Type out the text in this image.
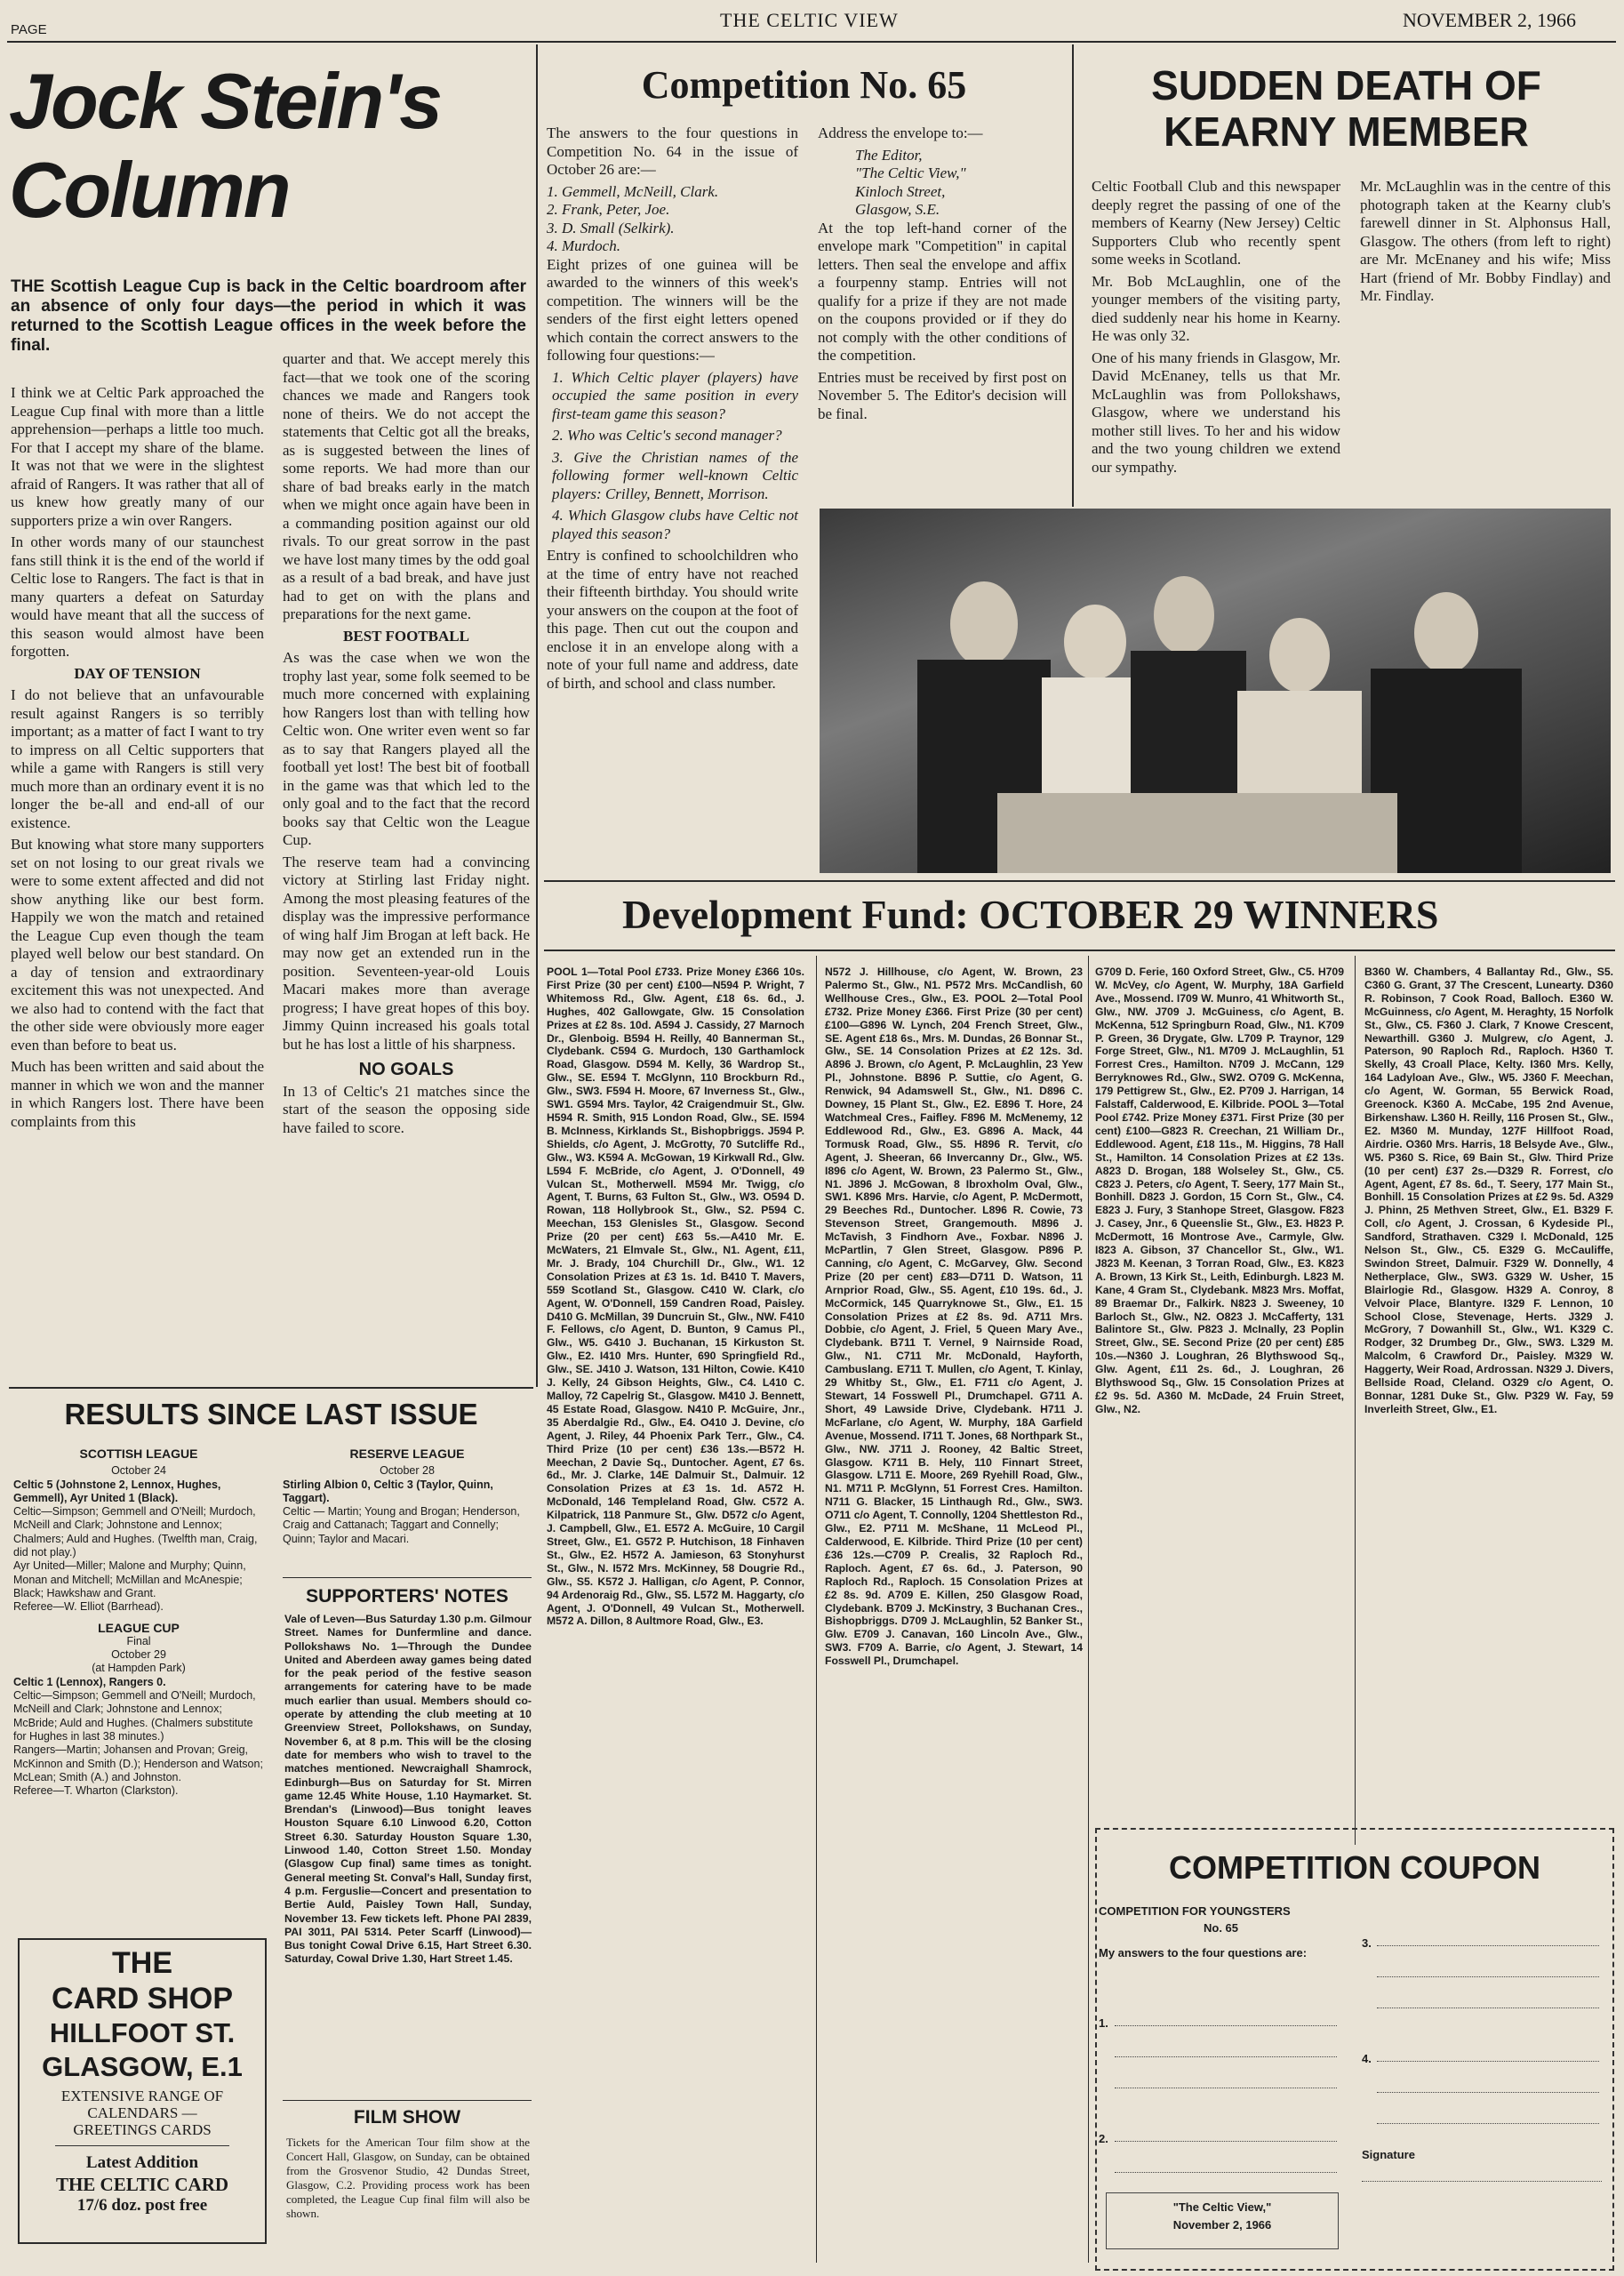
PAGE	THE CELTIC VIEW	NOVEMBER 2, 1966
Jock Stein's Column
THE Scottish League Cup is back in the Celtic boardroom after an absence of only four days—the period in which it was returned to the Scottish League offices in the week before the final.

I think we at Celtic Park approached the League Cup final with more than a little apprehension—perhaps a little too much. For that I accept my share of the blame. It was not that we were in the slightest afraid of Rangers. It was rather that all of us knew how greatly many of our supporters prize a win over Rangers.

In other words many of our staunchest fans still think it is the end of the world if Celtic lose to Rangers. The fact is that in many quarters a defeat on Saturday would have meant that all the success of this season would almost have been forgotten.

DAY OF TENSION

I do not believe that an unfavourable result against Rangers is so terribly important; as a matter of fact I want to try to impress on all Celtic supporters that while a game with Rangers is still very much more than an ordinary event it is no longer the be-all and end-all of our existence.

But knowing what store many supporters set on not losing to our great rivals we were to some extent affected and did not show anything like our best form. Happily we won the match and retained the League Cup even though the team played well below our best standard. On a day of tension and extraordinary excitement this was not unexpected. And we also had to contend with the fact that the other side were obviously more eager even than before to beat us.

Much has been written and said about the manner in which we won and the manner in which Rangers lost. There have been complaints from this

quarter and that. We accept merely this fact—that we took one of the scoring chances we made and Rangers took none of theirs. We do not accept the statements that Celtic got all the breaks, as is suggested between the lines of some reports. We had more than our share of bad breaks early in the match when we might once again have been in a commanding position against our old rivals. To our great sorrow in the past we have lost many times by the odd goal as a result of a bad break, and have just had to get on with the plans and preparations for the next game.

BEST FOOTBALL

As was the case when we won the trophy last year, some folk seemed to be much more concerned with explaining how Rangers lost than with telling how Celtic won. One writer even went so far as to say that Rangers played all the football yet lost! The best bit of football in the game was that which led to the only goal and to the fact that the record books say that Celtic won the League Cup.

The reserve team had a convincing victory at Stirling last Friday night. Among the most pleasing features of the display was the impressive performance of wing half Jim Brogan at left back. He may now get an extended run in the position. Seventeen-year-old Louis Macari makes more than average progress; I have great hopes of this boy. Jimmy Quinn increased his goals total but he has lost a little of his sharpness.

NO GOALS

In 13 of Celtic's 21 matches since the start of the season the opposing side have failed to score.

Competition No. 65

The answers to the four questions in Competition No. 64 in the issue of October 26 are:—

1. Gemmell, McNeill, Clark.
2. Frank, Peter, Joe.
3. D. Small (Selkirk).
4. Murdoch.

Eight prizes of one guinea will be awarded to the winners of this week's competition. The winners will be the senders of the first eight letters opened which contain the correct answers to the following four questions:—

1. Which Celtic player (players) have occupied the same position in every first-team game this season?

2. Who was Celtic's second manager?

3. Give the Christian names of the following former well-known Celtic players: Crilley, Bennett, Morrison.

4. Which Glasgow clubs have Celtic not played this season?

Entry is confined to schoolchildren who at the time of entry have not reached their fifteenth birthday. You should write your answers on the coupon at the foot of this page. Then cut out the coupon and enclose it in an envelope along with a note of your full name and address, date of birth, and school and class number.

Address the envelope to:—

The Editor,
"The Celtic View,"
Kinloch Street,
Glasgow, S.E.

At the top left-hand corner of the envelope mark "Competition" in capital letters. Then seal the envelope and affix a fourpenny stamp. Entries will not qualify for a prize if they are not made on the coupons provided or if they do not comply with the other conditions of the competition.

Entries must be received by first post on November 5. The Editor's decision will be final.

SUDDEN DEATH OF KEARNY MEMBER

Celtic Football Club and this newspaper deeply regret the passing of one of the members of Kearny (New Jersey) Celtic Supporters Club who recently spent some weeks in Scotland.

Mr. Bob McLaughlin, one of the younger members of the visiting party, died suddenly near his home in Kearny. He was only 32.

One of his many friends in Glasgow, Mr. David McEnaney, tells us that Mr. McLaughlin was from Pollokshaws, Glasgow, where we understand his mother still lives. To her and his widow and the two young children we extend our sympathy.

Mr. McLaughlin was in the centre of this photograph taken at the Kearny club's farewell dinner in St. Alphonsus Hall, Glasgow. The others (from left to right) are Mr. McEnaney and his wife; Miss Hart (friend of Mr. Bobby Findlay) and Mr. Findlay.

Development Fund: OCTOBER 29 WINNERS
POOL 1—Total Pool £733. Prize Money £366 10s. First Prize (30 per cent) £100—N594 P. Wright, 7 Whitemoss Rd., Glw. Agent, £18 6s. 6d., J. Hughes, 402 Gallowgate, Glw. 15 Consolation Prizes at £2 8s. 10d. A594 J. Cassidy, 27 Marnoch Dr., Glenboig. B594 H. Reilly, 40 Bannerman St., Clydebank. C594 G. Murdoch, 130 Garthamlock Road, Glasgow. D594 M. Kelly, 36 Wardrop St., Glw., SE. E594 T. McGlynn, 110 Brockburn Rd., Glw., SW3. F594 H. Moore, 67 Inverness St., Glw., SW1. G594 Mrs. Taylor, 42 Craigendmuir St., Glw. H594 R. Smith, 915 London Road, Glw., SE. I594 B. McInness, Kirklands St., Bishopbriggs. J594 P. Shields, c/o Agent, J. McGrotty, 70 Sutcliffe Rd., Glw., W3. K594 A. McGowan, 19 Kirkwall Rd., Glw. L594 F. McBride, c/o Agent, J. O'Donnell, 49 Vulcan St., Motherwell. M594 Mr. Twigg, c/o Agent, T. Burns, 63 Fulton St., Glw., W3. O594 D. Rowan, 118 Hollybrook St., Glw., S2. P594 C. Meechan, 153 Glenisles St., Glasgow. Second Prize (20 per cent) £63 5s.—A410 Mr. E. McWaters, 21 Elmvale St., Glw., N1. Agent, £11, Mr. J. Brady, 104 Churchill Dr., Glw., W1. 12 Consolation Prizes at £3 1s. 1d. B410 T. Mavers, 559 Scotland St., Glasgow. C410 W. Clark, c/o Agent, W. O'Donnell, 159 Candren Road, Paisley. D410 G. McMillan, 39 Duncruin St., Glw., NW. F410 F. Fellows, c/o Agent, D. Bunton, 9 Camus Pl., Glw., W5. G410 J. Buchanan, 15 Kirkuston St. Glw., E2. I410 Mrs. Hunter, 690 Springfield Rd., Glw., SE. J410 J. Watson, 131 Hilton, Cowie. K410 J. Kelly, 24 Gibson Heights, Glw., C4. L410 C. Malloy, 72 Capelrig St., Glasgow. M410 J. Bennett, 45 Estate Road, Glasgow. N410 P. McGuire, Jnr., 35 Aberdalgie Rd., Glw., E4. O410 J. Devine, c/o Agent, J. Riley, 44 Phoenix Park Terr., Glw., C4. Third Prize (10 per cent) £36 13s.—B572 H. Meechan, 2 Davie Sq., Duntocher. Agent, £7 6s. 6d., Mr. J. Clarke, 14E Dalmuir St., Dalmuir. 12 Consolation Prizes at £3 1s. 1d. A572 H. McDonald, 146 Templeland Road, Glw. C572 A. Kilpatrick, 118 Panmure St., Glw. D572 c/o Agent, J. Campbell, Glw., E1. E572 A. McGuire, 10 Cargil Street, Glw., E1. G572 P. Hutchison, 18 Finhaven St., Glw., E2. H572 A. Jamieson, 63 Stonyhurst St., Glw., N. I572 Mrs. McKinney, 58 Dougrie Rd., Glw., S5. K572 J. Halligan, c/o Agent, P. Connor, 94 Ardenoraig Rd., Glw., S5. L572 M. Haggarty, c/o Agent, J. O'Donnell, 49 Vulcan St., Motherwell. M572 A. Dillon, 8 Aultmore Road, Glw., E3.
N572 J. Hillhouse, c/o Agent, W. Brown, 23 Palermo St., Glw., N1. P572 Mrs. McCandlish, 60 Wellhouse Cres., Glw., E3. POOL 2—Total Pool £732. Prize Money £366. First Prize (30 per cent) £100—G896 W. Lynch, 204 French Street, Glw., SE. Agent £18 6s., Mrs. M. Dundas, 26 Bonnar St., Glw., SE. 14 Consolation Prizes at £2 12s. 3d. A896 J. Brown, c/o Agent, P. McLaughlin, 23 Yew Pl., Johnstone. B896 P. Suttie, c/o Agent, G. Renwick, 94 Adamswell St., Glw., N1. D896 C. Downey, 15 Plant St., Glw., E2. E896 T. Hore, 24 Watchmeal Cres., Faifley. F896 M. McMenemy, 12 Eddlewood Rd., Glw., E3. G896 A. Mack, 44 Tormusk Road, Glw., S5. H896 R. Tervit, c/o Agent, J. Sheeran, 66 Invercanny Dr., Glw., W5. I896 c/o Agent, W. Brown, 23 Palermo St., Glw., N1. J896 J. McGowan, 8 Ibroxholm Oval, Glw., SW1. K896 Mrs. Harvie, c/o Agent, P. McDermott, 29 Beeches Rd., Duntocher. L896 R. Cowie, 73 Stevenson Street, Grangemouth. M896 J. McTavish, 3 Findhorn Ave., Foxbar. N896 J. McPartlin, 7 Glen Street, Glasgow. P896 P. Canning, c/o Agent, C. McGarvey, Glw. Second Prize (20 per cent) £83—D711 D. Watson, 11 Arnprior Road, Glw., S5. Agent, £10 19s. 6d., J. McCormick, 145 Quarryknowe St., Glw., E1. 15 Consolation Prizes at £2 8s. 9d. A711 Mrs. Dobbie, c/o Agent, J. Friel, 5 Queen Mary Ave., Clydebank. B711 T. Vernel, 9 Nairnside Road, Glw., N1. C711 Mr. McDonald, Hayforth, Cambuslang. E711 T. Mullen, c/o Agent, T. Kinlay, 29 Whitby St., Glw., E1. F711 c/o Agent, J. Stewart, 14 Fosswell Pl., Drumchapel. G711 A. Short, 49 Lawside Drive, Clydebank. H711 J. McFarlane, c/o Agent, W. Murphy, 18A Garfield Avenue, Mossend. I711 T. Jones, 68 Northpark St., Glw., NW. J711 J. Rooney, 42 Baltic Street, Glasgow. K711 B. Hely, 110 Finnart Street, Glasgow. L711 E. Moore, 269 Ryehill Road, Glw., N1. M711 P. McGlynn, 51 Forrest Cres. Hamilton. N711 G. Blacker, 15 Linthaugh Rd., Glw., SW3. O711 c/o Agent, T. Connolly, 1204 Shettleston Rd., Glw., E2. P711 M. McShane, 11 McLeod Pl., Calderwood, E. Kilbride. Third Prize (10 per cent) £36 12s.—C709 P. Crealis, 32 Raploch Rd., Raploch. Agent, £7 6s. 6d., J. Paterson, 90 Raploch Rd., Raploch. 15 Consolation Prizes at £2 8s. 9d. A709 E. Killen, 250 Glasgow Road, Clydebank. B709 J. McKinstry, 3 Buchanan Cres., Bishopbriggs. D709 J. McLaughlin, 52 Banker St., Glw. E709 J. Canavan, 160 Lincoln Ave., Glw., SW3. F709 A. Barrie, c/o Agent, J. Stewart, 14 Fosswell Pl., Drumchapel.
G709 D. Ferie, 160 Oxford Street, Glw., C5. H709 W. McVey, c/o Agent, W. Murphy, 18A Garfield Ave., Mossend. I709 W. Munro, 41 Whitworth St., Glw., NW. J709 J. McGuiness, c/o Agent, B. McKenna, 512 Springburn Road, Glw., N1. K709 P. Green, 36 Drygate, Glw. L709 P. Traynor, 129 Forge Street, Glw., N1. M709 J. McLaughlin, 51 Forrest Cres., Hamilton. N709 J. McCann, 129 Berryknowes Rd., Glw., SW2. O709 G. McKenna, 179 Pettigrew St., Glw., E2. P709 J. Harrigan, 14 Falstaff, Calderwood, E. Kilbride. POOL 3—Total Pool £742. Prize Money £371. First Prize (30 per cent) £100—G823 R. Creechan, 21 William Dr., Eddlewood. Agent, £18 11s., M. Higgins, 78 Hall St., Hamilton. 14 Consolation Prizes at £2 13s. A823 D. Brogan, 188 Wolseley St., Glw., C5. C823 J. Peters, c/o Agent, T. Seery, 177 Main St., Bonhill. D823 J. Gordon, 15 Corn St., Glw., C4. E823 J. Fury, 3 Stanhope Street, Glasgow. F823 J. Casey, Jnr., 6 Queenslie St., Glw., E3. H823 P. McDermott, 16 Montrose Ave., Carmyle, Glw. I823 A. Gibson, 37 Chancellor St., Glw., W1. J823 M. Keenan, 3 Torran Road, Glw., E3. K823 A. Brown, 13 Kirk St., Leith, Edinburgh. L823 M. Kane, 4 Gram St., Clydebank. M823 Mrs. Moffat, 89 Braemar Dr., Falkirk. N823 J. Sweeney, 10 Barloch St., Glw., N2. O823 J. McCafferty, 131 Balintore St., Glw. P823 J. McInally, 23 Poplin Street, Glw., SE. Second Prize (20 per cent) £85 10s.—N360 J. Loughran, 26 Blythswood Sq., Glw. Agent, £11 2s. 6d., J. Loughran, 26 Blythswood Sq., Glw. 15 Consolation Prizes at £2 9s. 5d. A360 M. McDade, 24 Fruin Street, Glw., N2.
B360 W. Chambers, 4 Ballantay Rd., Glw., S5. C360 G. Grant, 37 The Crescent, Lunearty. D360 R. Robinson, 7 Cook Road, Balloch. E360 W. McGuinness, c/o Agent, M. Heraghty, 15 Norfolk St., Glw., C5. F360 J. Clark, 7 Knowe Crescent, Newarthill. G360 J. Mulgrew, c/o Agent, J. Paterson, 90 Raploch Rd., Raploch. H360 T. Skelly, 43 Croall Place, Kelty. I360 Mrs. Kelly, 164 Ladyloan Ave., Glw., W5. J360 F. Meechan, c/o Agent, W. Gorman, 55 Berwick Road, Greenock. K360 A. McCabe, 195 2nd Avenue, Birkenshaw. L360 H. Reilly, 116 Prosen St., Glw., E2. M360 M. Munday, 127F Hillfoot Road, Airdrie. O360 Mrs. Harris, 18 Belsyde Ave., Glw., W5. P360 S. Rice, 69 Bain St., Glw. Third Prize (10 per cent) £37 2s.—D329 R. Forrest, c/o Agent, Agent, £7 8s. 6d., T. Seery, 177 Main St., Bonhill. 15 Consolation Prizes at £2 9s. 5d. A329 J. Phinn, 25 Methven Street, Glw., E1. B329 F. Coll, c/o Agent, J. Crossan, 6 Kydeside Pl., Sandford, Strathaven. C329 I. McDonald, 125 Nelson St., Glw., C5. E329 G. McCauliffe, Swindon Street, Dalmuir. F329 W. Donnelly, 4 Netherplace, Glw., SW3. G329 W. Usher, 15 Blairlogie Rd., Glasgow. H329 A. Conroy, 8 Velvoir Place, Blantyre. I329 F. Lennon, 10 School Close, Stevenage, Herts. J329 J. McGrory, 7 Dowanhill St., Glw., W1. K329 C. Rodger, 32 Drumbeg Dr., Glw., SW3. L329 M. Malcolm, 6 Crawford Dr., Paisley. M329 W. Haggerty, Weir Road, Ardrossan. N329 J. Divers, Bellside Road, Cleland. O329 c/o Agent, O. Bonnar, 1281 Duke St., Glw. P329 W. Fay, 59 Inverleith Street, Glw., E1.
COMPETITION COUPON
COMPETITION FOR YOUNGSTERS
No. 65
My answers to the four questions are:
1.
2.
3.
4.
Signature
"The Celtic View,"
November 2, 1966
RESULTS SINCE LAST ISSUE
SCOTTISH LEAGUE
October 24
Celtic 5 (Johnstone 2, Lennox, Hughes, Gemmell), Ayr United 1 (Black).
Celtic—Simpson; Gemmell and O'Neill; Murdoch, McNeill and Clark; Johnstone and Lennox; Chalmers; Auld and Hughes. (Twelfth man, Craig, did not play.)
Ayr United—Miller; Malone and Murphy; Quinn, Monan and Mitchell; McMillan and McAnespie; Black; Hawkshaw and Grant.
Referee—W. Elliot (Barrhead).
LEAGUE CUP
Final
October 29
(at Hampden Park)
Celtic 1 (Lennox), Rangers 0.
Celtic—Simpson; Gemmell and O'Neill; Murdoch, McNeill and Clark; Johnstone and Lennox; McBride; Auld and Hughes. (Chalmers substitute for Hughes in last 38 minutes.)
Rangers—Martin; Johansen and Provan; Greig, McKinnon and Smith (D.); Henderson and Watson; McLean; Smith (A.) and Johnston.
Referee—T. Wharton (Clarkston).
RESERVE LEAGUE
October 28
Stirling Albion 0, Celtic 3 (Taylor, Quinn, Taggart).
Celtic — Martin; Young and Brogan; Henderson, Craig and Cattanach; Taggart and Connelly; Quinn; Taylor and Macari.
SUPPORTERS' NOTES
Vale of Leven—Bus Saturday 1.30 p.m. Gilmour Street. Names for Dunfermline and dance. Pollokshaws No. 1—Through the Dundee United and Aberdeen away games being dated for the peak period of the festive season arrangements for catering have to be made much earlier than usual. Members should co-operate by attending the club meeting at 10 Greenview Street, Pollokshaws, on Sunday, November 6, at 8 p.m. This will be the closing date for members who wish to travel to the matches mentioned. Newcraighall Shamrock, Edinburgh—Bus on Saturday for St. Mirren game 12.45 White House, 1.10 Haymarket. St. Brendan's (Linwood)—Bus tonight leaves Houston Square 6.10 Linwood 6.20, Cotton Street 6.30. Saturday Houston Square 1.30, Linwood 1.40, Cotton Street 1.50. Monday (Glasgow Cup final) same times as tonight. General meeting St. Conval's Hall, Sunday first, 4 p.m. Ferguslie—Concert and presentation to Bertie Auld, Paisley Town Hall, Sunday, November 13. Few tickets left. Phone PAI 2839, PAI 3011, PAI 5314. Peter Scarff (Linwood)—Bus tonight Cowal Drive 6.15, Hart Street 6.30. Saturday, Cowal Drive 1.30, Hart Street 1.45.
FILM SHOW
Tickets for the American Tour film show at the Concert Hall, Glasgow, on Sunday, can be obtained from the Grosvenor Studio, 42 Dundas Street, Glasgow, C.2. Providing process work has been completed, the League Cup final film will also be shown.
THE
CARD SHOP
HILLFOOT ST.
GLASGOW, E.1
EXTENSIVE RANGE OF
CALENDARS —
GREETINGS CARDS
Latest Addition
THE CELTIC CARD
17/6 doz. post free
